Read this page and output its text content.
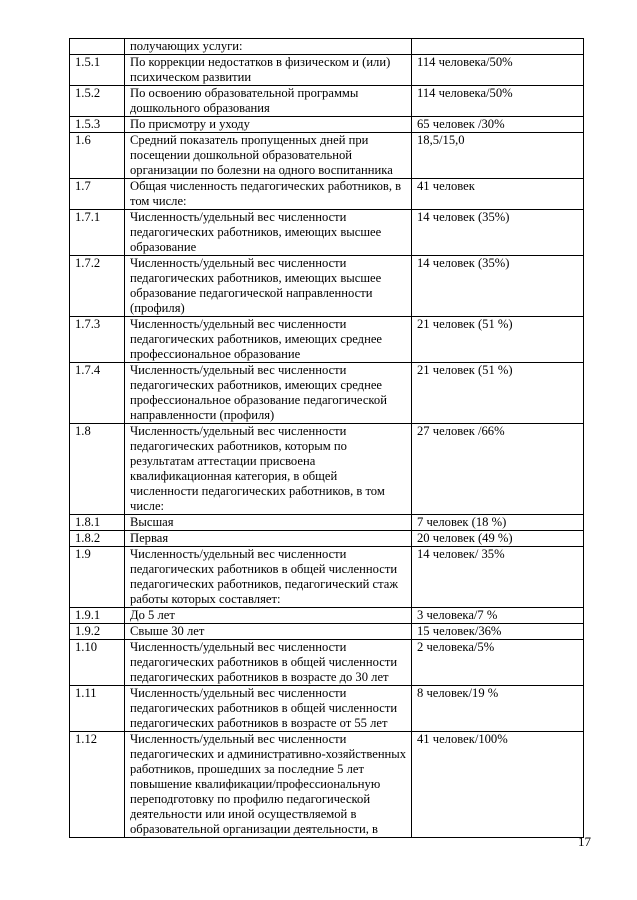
	получающих услуги:	
1.5.1	По коррекции недостатков в физическом и (или) психическом развитии	114 человека/50%
1.5.2	По освоению образовательной программы дошкольного образования	114 человека/50%
1.5.3	По присмотру и уходу	65 человек /30%
1.6	Средний показатель пропущенных дней при посещении дошкольной образовательной организации по болезни на одного воспитанника	18,5/15,0
1.7	Общая численность педагогических работников, в том числе:	41 человек
1.7.1	Численность/удельный вес численности педагогических работников, имеющих высшее образование	14 человек (35%)
1.7.2	Численность/удельный вес численности педагогических работников, имеющих высшее образование педагогической направленности (профиля)	14 человек (35%)
1.7.3	Численность/удельный вес численности педагогических работников, имеющих среднее профессиональное образование	21 человек (51 %)
1.7.4	Численность/удельный вес численности педагогических работников, имеющих среднее профессиональное образование педагогической направленности (профиля)	21 человек (51 %)
1.8	Численность/удельный вес численности педагогических работников, которым по результатам аттестации присвоена квалификационная категория, в общей численности педагогических работников, в том числе:	27 человек /66%
1.8.1	Высшая	7 человек (18 %)
1.8.2	Первая	20 человек (49 %)
1.9	Численность/удельный вес численности педагогических работников в общей численности педагогических работников, педагогический стаж работы которых составляет:	14 человек/ 35%
1.9.1	До 5 лет	3 человека/7 %
1.9.2	Свыше 30 лет	15 человек/36%
1.10	Численность/удельный вес численности педагогических работников в общей численности педагогических работников в возрасте до 30 лет	2 человека/5%
1.11	Численность/удельный вес численности педагогических работников в общей численности педагогических работников в возрасте от 55 лет	8 человек/19 %
1.12	Численность/удельный вес численности педагогических и административно-хозяйственных работников, прошедших за последние 5 лет повышение квалификации/профессиональную переподготовку по профилю педагогической деятельности или иной осуществляемой в образовательной организации деятельности, в	41 человек/100%
17
